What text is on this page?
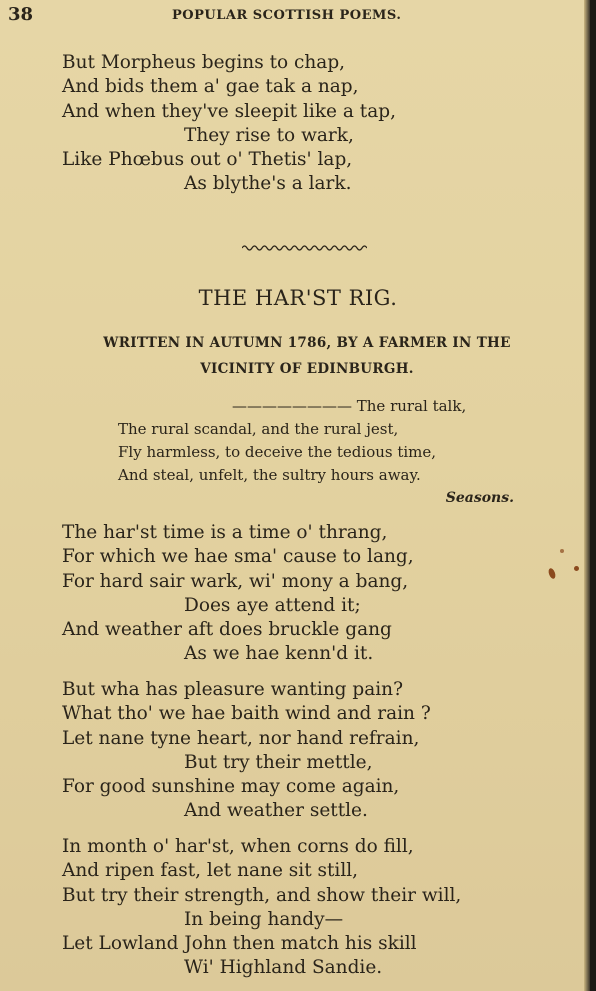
38	POPULAR SCOTTISH POEMS.
But Morpheus begins to chap,
And bids them a' gae tak a nap,
And when they've sleepit like a tap,
They rise to wark,
Like Phœbus out o' Thetis' lap,
As blythe's a lark.
THE HAR'ST RIG.
WRITTEN IN AUTUMN 1786, BY A FARMER IN THE
VICINITY OF EDINBURGH.
———————— The rural talk,
The rural scandal, and the rural jest,
Fly harmless, to deceive the tedious time,
And steal, unfelt, the sultry hours away.
Seasons.
The har'st time is a time o' thrang,
For which we hae sma' cause to lang,
For hard sair wark, wi' mony a bang,
Does aye attend it;
And weather aft does bruckle gang
As we hae kenn'd it.
But wha has pleasure wanting pain?
What tho' we hae baith wind and rain ?
Let nane tyne heart, nor hand refrain,
But try their mettle,
For good sunshine may come again,
And weather settle.
In month o' har'st, when corns do fill,
And ripen fast, let nane sit still,
But try their strength, and show their will,
In being handy—
Let Lowland John then match his skill
Wi' Highland Sandie.
